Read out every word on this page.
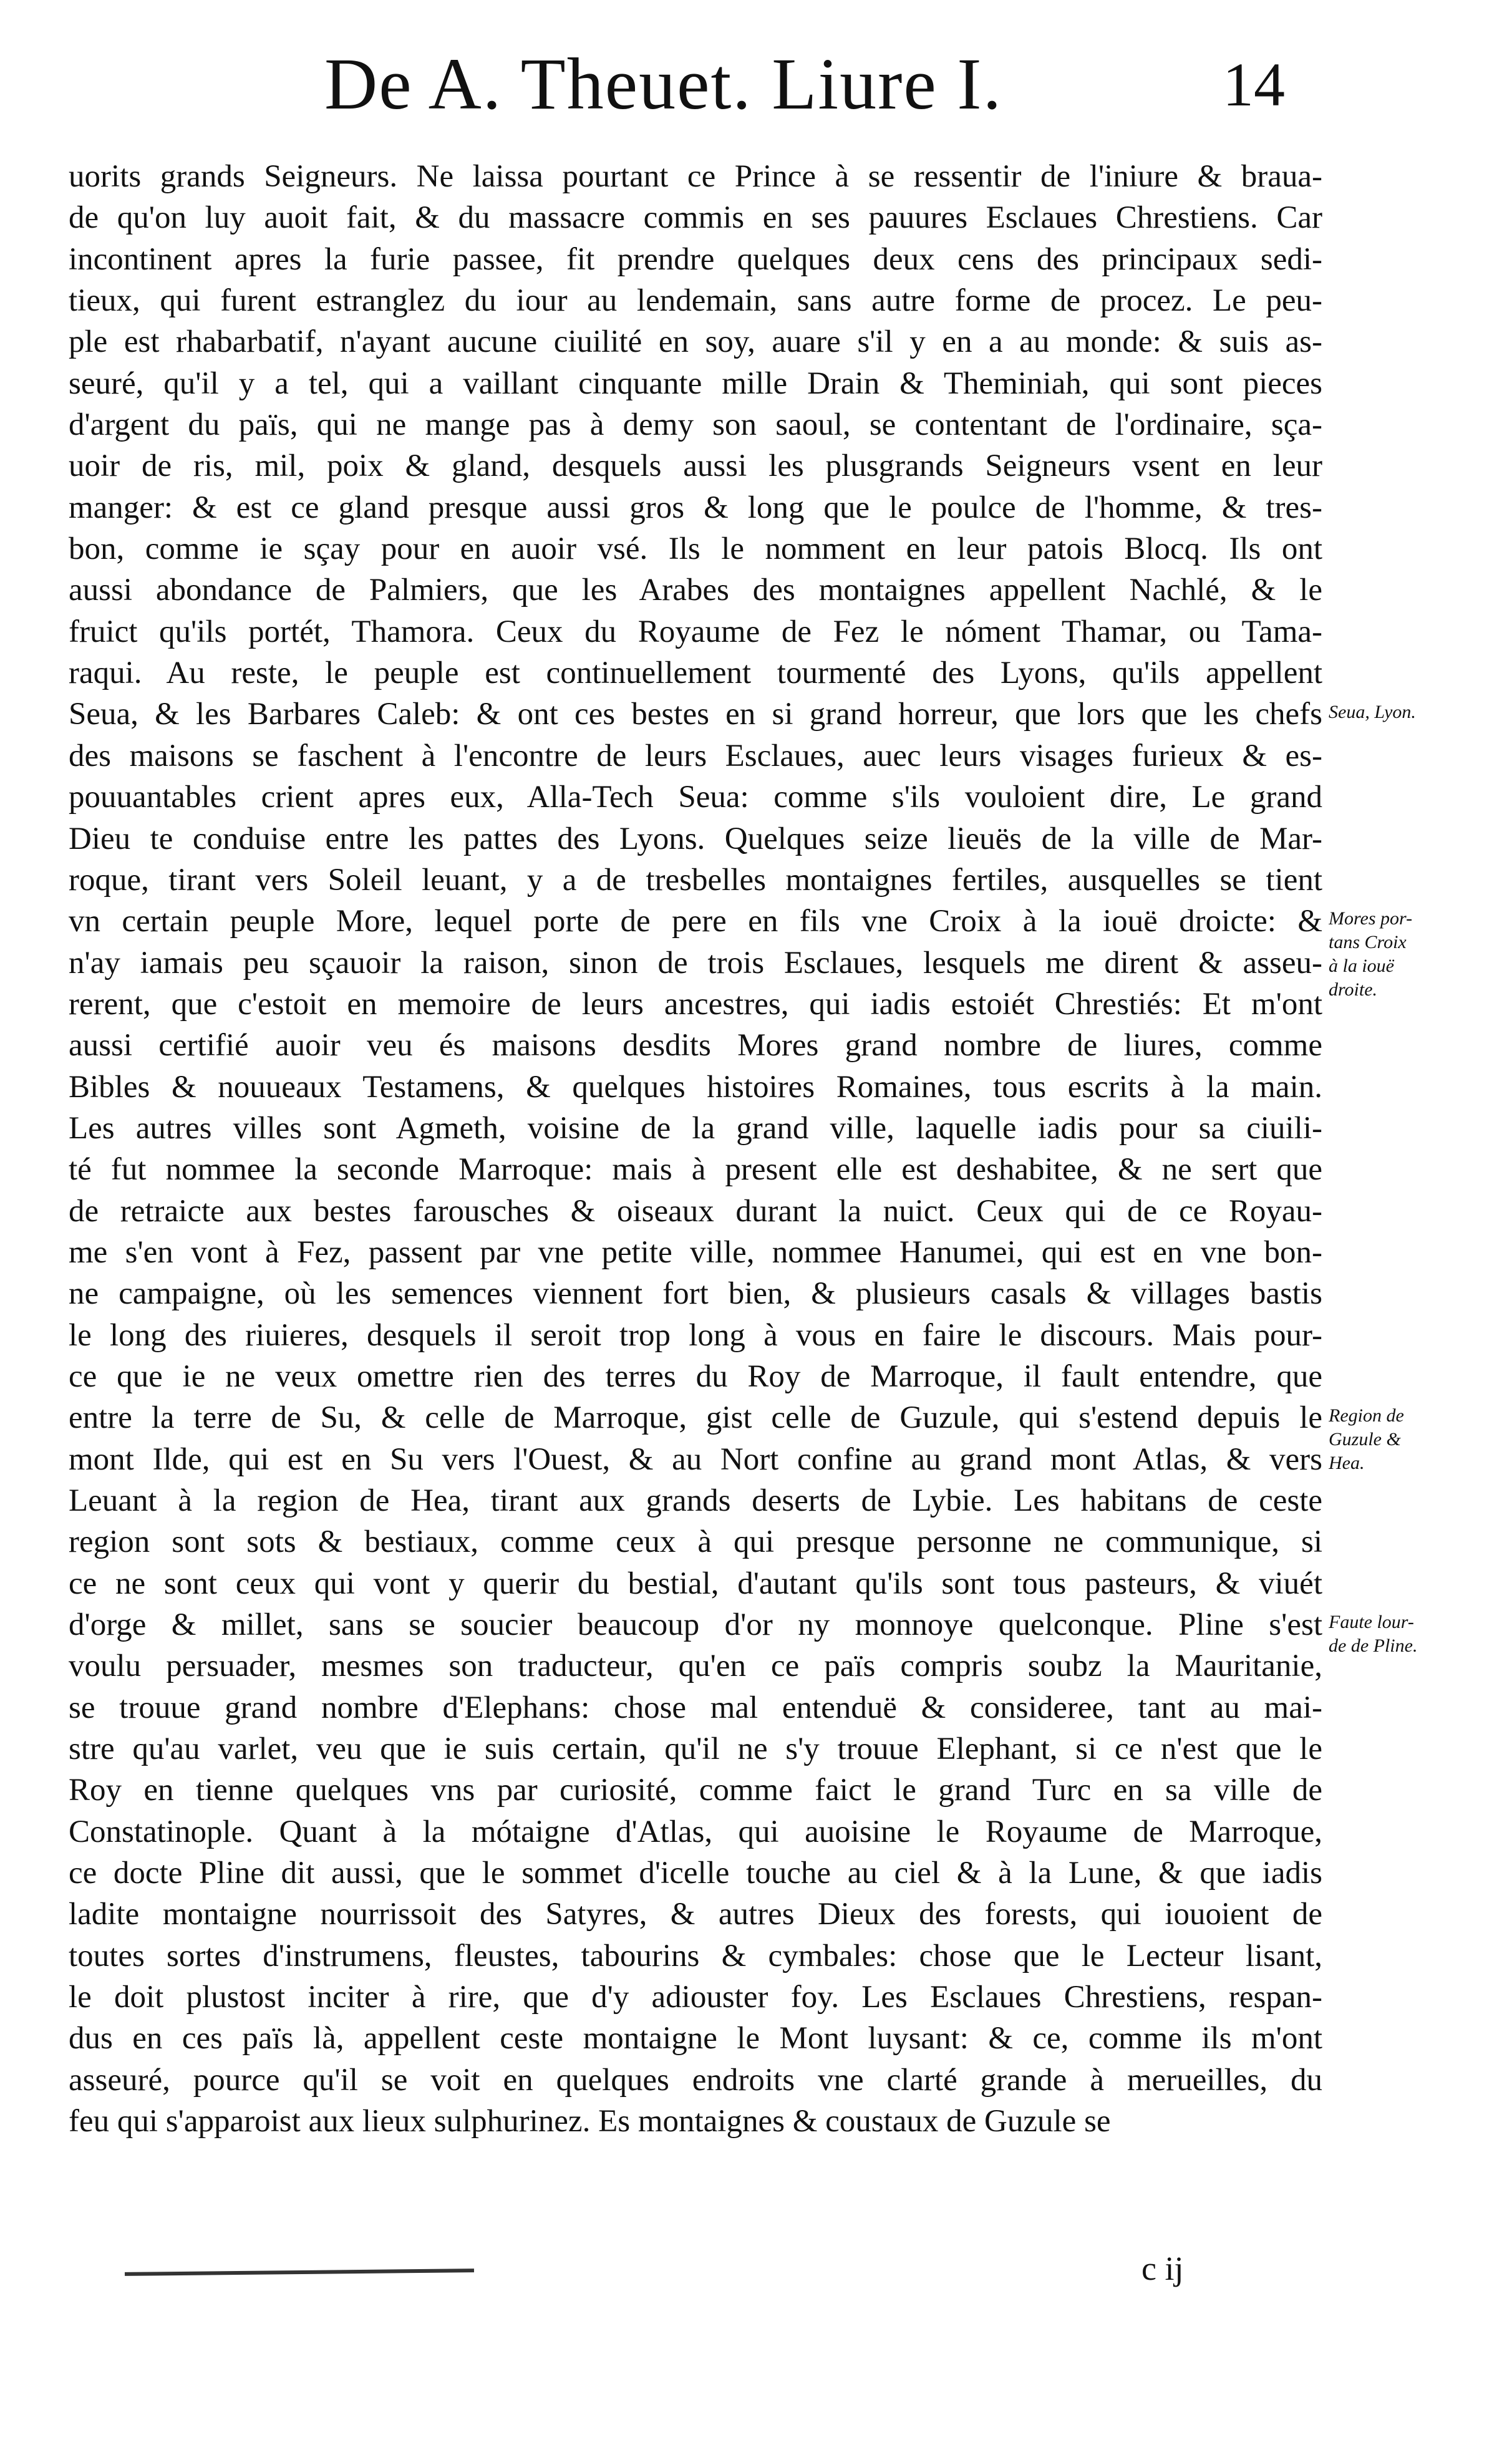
De A. Theuet. Liure I.	14
uorits grands Seigneurs. Ne laissa pourtant ce Prince à se ressentir de l'iniure & braua-
de qu'on luy auoit fait, & du massacre commis en ses pauures Esclaues Chrestiens. Car
incontinent apres la furie passee, fit prendre quelques deux cens des principaux sedi-
tieux, qui furent estranglez du iour au lendemain, sans autre forme de procez. Le peu-
ple est rhabarbatif, n'ayant aucune ciuilité en soy, auare s'il y en a au monde: & suis as-
seuré, qu'il y a tel, qui a vaillant cinquante mille Drain & Theminiah, qui sont pieces
d'argent du païs, qui ne mange pas à demy son saoul, se contentant de l'ordinaire, sça-
uoir de ris, mil, poix & gland, desquels aussi les plusgrands Seigneurs vsent en leur
manger: & est ce gland presque aussi gros & long que le poulce de l'homme, & tres-
bon, comme ie sçay pour en auoir vsé. Ils le nomment en leur patois Blocq. Ils ont
aussi abondance de Palmiers, que les Arabes des montaignes appellent Nachlé, & le
fruict qu'ils portét, Thamora. Ceux du Royaume de Fez le nóment Thamar, ou Tama-
raqui. Au reste, le peuple est continuellement tourmenté des Lyons, qu'ils appellent
Seua, & les Barbares Caleb: & ont ces bestes en si grand horreur, que lors que les chefs
des maisons se faschent à l'encontre de leurs Esclaues, auec leurs visages furieux & es-
pouuantables crient apres eux, Alla-Tech Seua: comme s'ils vouloient dire, Le grand
Dieu te conduise entre les pattes des Lyons. Quelques seize lieuës de la ville de Mar-
roque, tirant vers Soleil leuant, y a de tresbelles montaignes fertiles, ausquelles se tient
vn certain peuple More, lequel porte de pere en fils vne Croix à la iouë droicte: &
n'ay iamais peu sçauoir la raison, sinon de trois Esclaues, lesquels me dirent & asseu-
rerent, que c'estoit en memoire de leurs ancestres, qui iadis estoiét Chrestiés: Et m'ont
aussi certifié auoir veu és maisons desdits Mores grand nombre de liures, comme
Bibles & nouueaux Testamens, & quelques histoires Romaines, tous escrits à la main.
Les autres villes sont Agmeth, voisine de la grand ville, laquelle iadis pour sa ciuili-
té fut nommee la seconde Marroque: mais à present elle est deshabitee, & ne sert que
de retraicte aux bestes farousches & oiseaux durant la nuict. Ceux qui de ce Royau-
me s'en vont à Fez, passent par vne petite ville, nommee Hanumei, qui est en vne bon-
ne campaigne, où les semences viennent fort bien, & plusieurs casals & villages bastis
le long des riuieres, desquels il seroit trop long à vous en faire le discours. Mais pour-
ce que ie ne veux omettre rien des terres du Roy de Marroque, il fault entendre, que
entre la terre de Su, & celle de Marroque, gist celle de Guzule, qui s'estend depuis le
mont Ilde, qui est en Su vers l'Ouest, & au Nort confine au grand mont Atlas, & vers
Leuant à la region de Hea, tirant aux grands deserts de Lybie. Les habitans de ceste
region sont sots & bestiaux, comme ceux à qui presque personne ne communique, si
ce ne sont ceux qui vont y querir du bestial, d'autant qu'ils sont tous pasteurs, & viuét
d'orge & millet, sans se soucier beaucoup d'or ny monnoye quelconque. Pline s'est
voulu persuader, mesmes son traducteur, qu'en ce païs compris soubz la Mauritanie,
se trouue grand nombre d'Elephans: chose mal entenduë & consideree, tant au mai-
stre qu'au varlet, veu que ie suis certain, qu'il ne s'y trouue Elephant, si ce n'est que le
Roy en tienne quelques vns par curiosité, comme faict le grand Turc en sa ville de
Constatinople. Quant à la mótaigne d'Atlas, qui auoisine le Royaume de Marroque,
ce docte Pline dit aussi, que le sommet d'icelle touche au ciel & à la Lune, & que iadis
ladite montaigne nourrissoit des Satyres, & autres Dieux des forests, qui iouoient de
toutes sortes d'instrumens, fleustes, tabourins & cymbales: chose que le Lecteur lisant,
le doit plustost inciter à rire, que d'y adiouster foy. Les Esclaues Chrestiens, respan-
dus en ces païs là, appellent ceste montaigne le Mont luysant: & ce, comme ils m'ont
asseuré, pource qu'il se voit en quelques endroits vne clarté grande à merueilles, du
feu qui s'apparoist aux lieux sulphurinez. Es montaignes & coustaux de Guzule se
Seua, Lyon.
Mores por-
tans Croix
à la iouë
droite.
Region de
Guzule &
Hea.
Faute lour-
de de Pline.
c ij
